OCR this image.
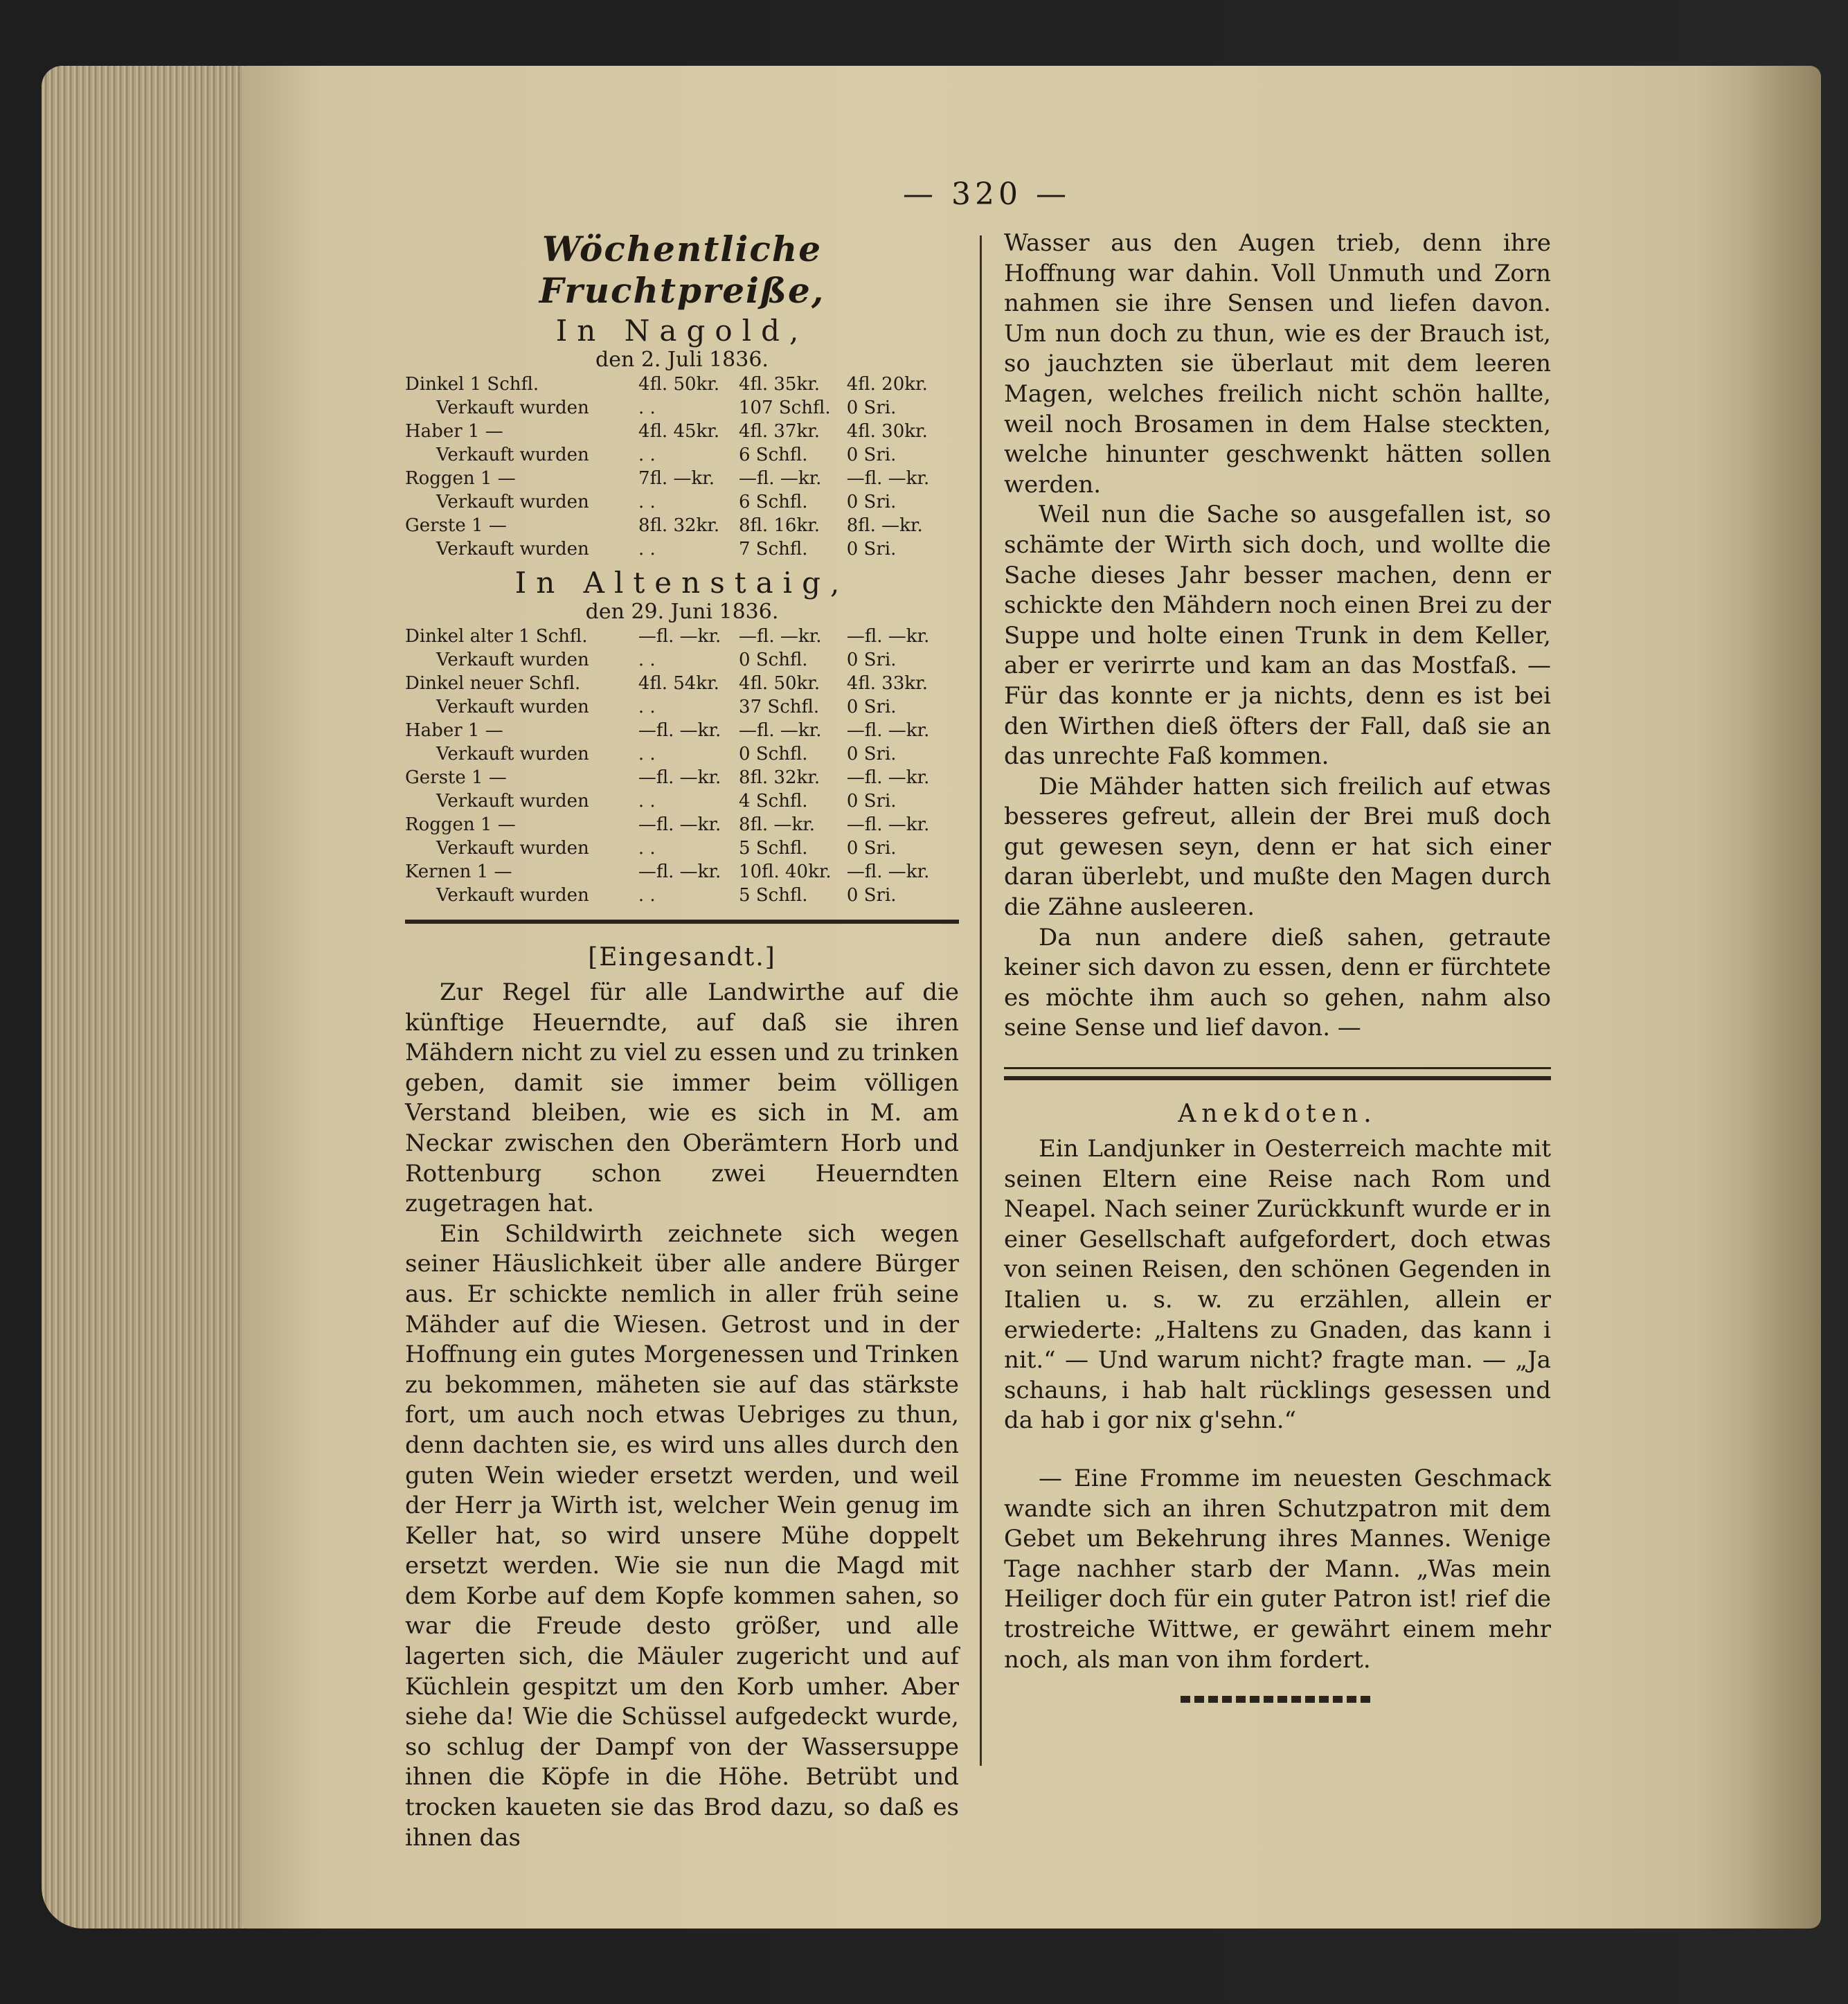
— 320 —
Wöchentliche Fruchtpreiße,
In Nagold,
den 2. Juli 1836.
Dinkel 1 Schfl.	4fl. 50kr.	4fl. 35kr.	4fl. 20kr.
Verkauft wurden	. .	107 Schfl.	0 Sri.
Haber 1 —	4fl. 45kr.	4fl. 37kr.	4fl. 30kr.
Verkauft wurden	. .	6 Schfl.	0 Sri.
Roggen 1 —	7fl. —kr.	—fl. —kr.	—fl. —kr.
Verkauft wurden	. .	6 Schfl.	0 Sri.
Gerste 1 —	8fl. 32kr.	8fl. 16kr.	8fl. —kr.
Verkauft wurden	. .	7 Schfl.	0 Sri.
In Altenstaig,
den 29. Juni 1836.
Dinkel alter 1 Schfl.	—fl. —kr.	—fl. —kr.	—fl. —kr.
Verkauft wurden	. .	0 Schfl.	0 Sri.
Dinkel neuer Schfl.	4fl. 54kr.	4fl. 50kr.	4fl. 33kr.
Verkauft wurden	. .	37 Schfl.	0 Sri.
Haber 1 —	—fl. —kr.	—fl. —kr.	—fl. —kr.
Verkauft wurden	. .	0 Schfl.	0 Sri.
Gerste 1 —	—fl. —kr.	8fl. 32kr.	—fl. —kr.
Verkauft wurden	. .	4 Schfl.	0 Sri.
Roggen 1 —	—fl. —kr.	8fl. —kr.	—fl. —kr.
Verkauft wurden	. .	5 Schfl.	0 Sri.
Kernen 1 —	—fl. —kr.	10fl. 40kr.	—fl. —kr.
Verkauft wurden	. .	5 Schfl.	0 Sri.
[Eingesandt.]

Zur Regel für alle Landwirthe auf die künftige Heuerndte, auf daß sie ihren Mähdern nicht zu viel zu essen und zu trinken geben, damit sie immer beim völligen Verstand bleiben, wie es sich in M. am Neckar zwischen den Oberämtern Horb und Rottenburg schon zwei Heuerndten zugetragen hat.

Ein Schildwirth zeichnete sich wegen seiner Häuslichkeit über alle andere Bürger aus. Er schickte nemlich in aller früh seine Mähder auf die Wiesen. Getrost und in der Hoffnung ein gutes Morgenessen und Trinken zu bekommen, mäheten sie auf das stärkste fort, um auch noch etwas Uebriges zu thun, denn dachten sie, es wird uns alles durch den guten Wein wieder ersetzt werden, und weil der Herr ja Wirth ist, welcher Wein genug im Keller hat, so wird unsere Mühe doppelt ersetzt werden. Wie sie nun die Magd mit dem Korbe auf dem Kopfe kommen sahen, so war die Freude desto größer, und alle lagerten sich, die Mäuler zugericht und auf Küchlein gespitzt um den Korb umher. Aber siehe da! Wie die Schüssel aufgedeckt wurde, so schlug der Dampf von der Wassersuppe ihnen die Köpfe in die Höhe. Betrübt und trocken kaueten sie das Brod dazu, so daß es ihnen das

Wasser aus den Augen trieb, denn ihre Hoffnung war dahin. Voll Unmuth und Zorn nahmen sie ihre Sensen und liefen davon. Um nun doch zu thun, wie es der Brauch ist, so jauchzten sie überlaut mit dem leeren Magen, welches freilich nicht schön hallte, weil noch Brosamen in dem Halse steckten, welche hinunter geschwenkt hätten sollen werden.

Weil nun die Sache so ausgefallen ist, so schämte der Wirth sich doch, und wollte die Sache dieses Jahr besser machen, denn er schickte den Mähdern noch einen Brei zu der Suppe und holte einen Trunk in dem Keller, aber er verirrte und kam an das Mostfaß. — Für das konnte er ja nichts, denn es ist bei den Wirthen dieß öfters der Fall, daß sie an das unrechte Faß kommen.

Die Mähder hatten sich freilich auf etwas besseres gefreut, allein der Brei muß doch gut gewesen seyn, denn er hat sich einer daran überlebt, und mußte den Magen durch die Zähne ausleeren.

Da nun andere dieß sahen, getraute keiner sich davon zu essen, denn er fürchtete es möchte ihm auch so gehen, nahm also seine Sense und lief davon. —

Anekdoten.

Ein Landjunker in Oesterreich machte mit seinen Eltern eine Reise nach Rom und Neapel. Nach seiner Zurückkunft wurde er in einer Gesellschaft aufgefordert, doch etwas von seinen Reisen, den schönen Gegenden in Italien u. s. w. zu erzählen, allein er erwiederte: „Haltens zu Gnaden, das kann i nit.“ — Und warum nicht? fragte man. — „Ja schauns, i hab halt rücklings gesessen und da hab i gor nix g'sehn.“

— Eine Fromme im neuesten Geschmack wandte sich an ihren Schutzpatron mit dem Gebet um Bekehrung ihres Mannes. Wenige Tage nachher starb der Mann. „Was mein Heiliger doch für ein guter Patron ist! rief die trostreiche Wittwe, er gewährt einem mehr noch, als man von ihm fordert.
